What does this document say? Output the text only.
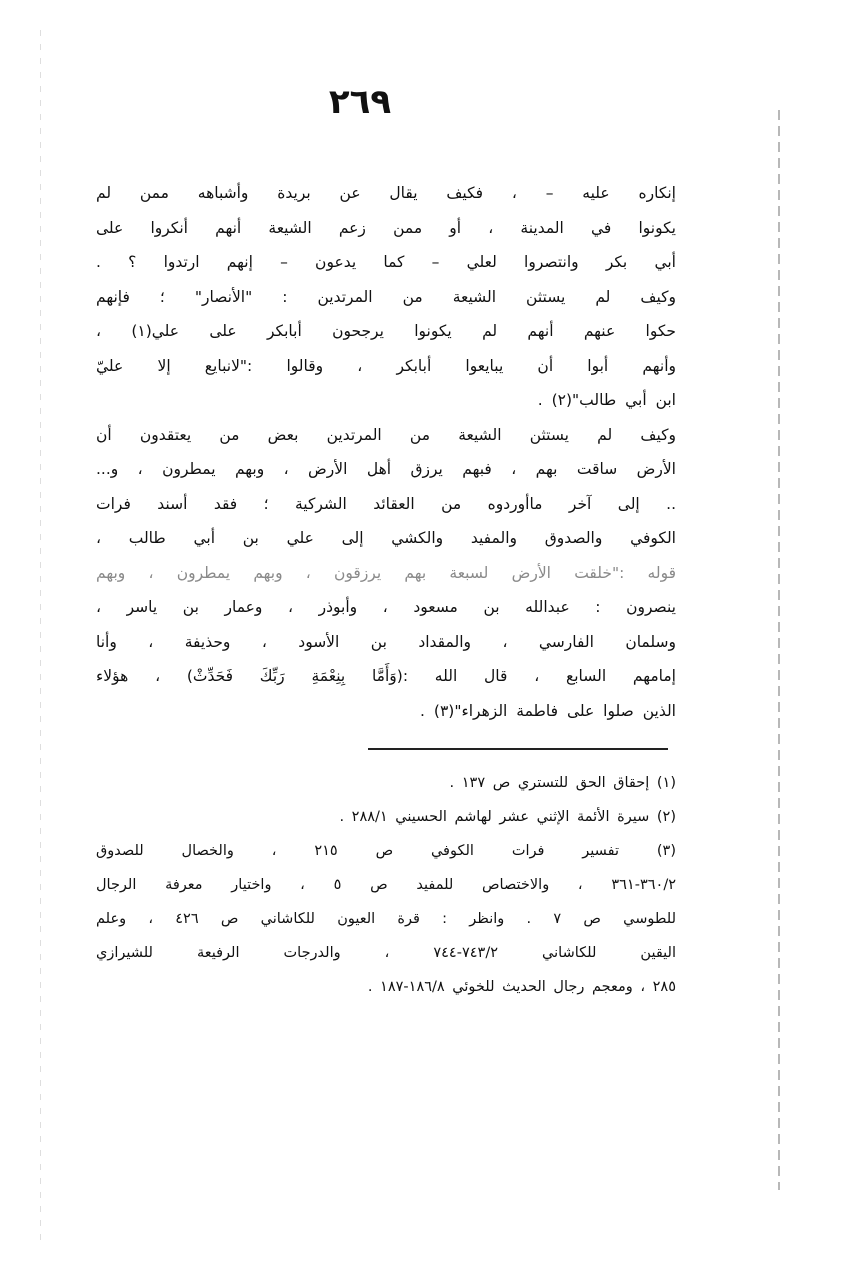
٢٦٩
إنكاره عليه – ، فكيف يقال عن بريدة وأشباهه ممن لم
يكونوا في المدينة ، أو ممن زعم الشيعة أنهم أنكروا على
أبي بكر وانتصروا لعلي – كما يدعون – إنهم ارتدوا ؟ .
وكيف لم يستثن الشيعة من المرتدين : "الأنصار" ؛ فإنهم
حكوا عنهم أنهم لم يكونوا يرجحون أبابكر على علي(١) ،
وأنهم أبوا أن يبايعوا أبابكر ، وقالوا :"لانبايع إلا عليّ
ابن أبي طالب"(٢) .
وكيف لم يستثن الشيعة من المرتدين بعض من يعتقدون أن
الأرض ساقت بهم ، فبهم يرزق أهل الأرض ، وبهم يمطرون ، و...
.. إلى آخر ماأوردوه من العقائد الشركية ؛ فقد أسند فرات
الكوفي والصدوق والمفيد والكشي إلى علي بن أبي طالب ،
قوله :"خلقت الأرض لسبعة بهم يرزقون ، وبهم يمطرون ، وبهم
ينصرون : عبدالله بن مسعود ، وأبوذر ، وعمار بن ياسر ،
وسلمان الفارسي ، والمقداد بن الأسود ، وحذيفة ، وأنا
إمامهم السابع ، قال الله :(وَأَمَّا بِنِعْمَةِ رَبِّكَ فَحَدِّثْ) ، هؤلاء
الذين صلوا على فاطمة الزهراء"(٣) .
(١) إحقاق الحق للتستري ص ١٣٧ .
(٢) سيرة الأئمة الإثني عشر لهاشم الحسيني ٢٨٨/١ .
(٣) تفسير فرات الكوفي ص ٢١٥ ، والخصال للصدوق
٣٦٠/٢-٣٦١ ، والاختصاص للمفيد ص ٥ ، واختيار معرفة الرجال
للطوسي ص ٧ . وانظر : قرة العيون للكاشاني ص ٤٢٦ ، وعلم
اليقين للكاشاني ٧٤٣/٢-٧٤٤ ، والدرجات الرفيعة للشيرازي
٢٨٥ ، ومعجم رجال الحديث للخوئي ١٨٦/٨-١٨٧ .
